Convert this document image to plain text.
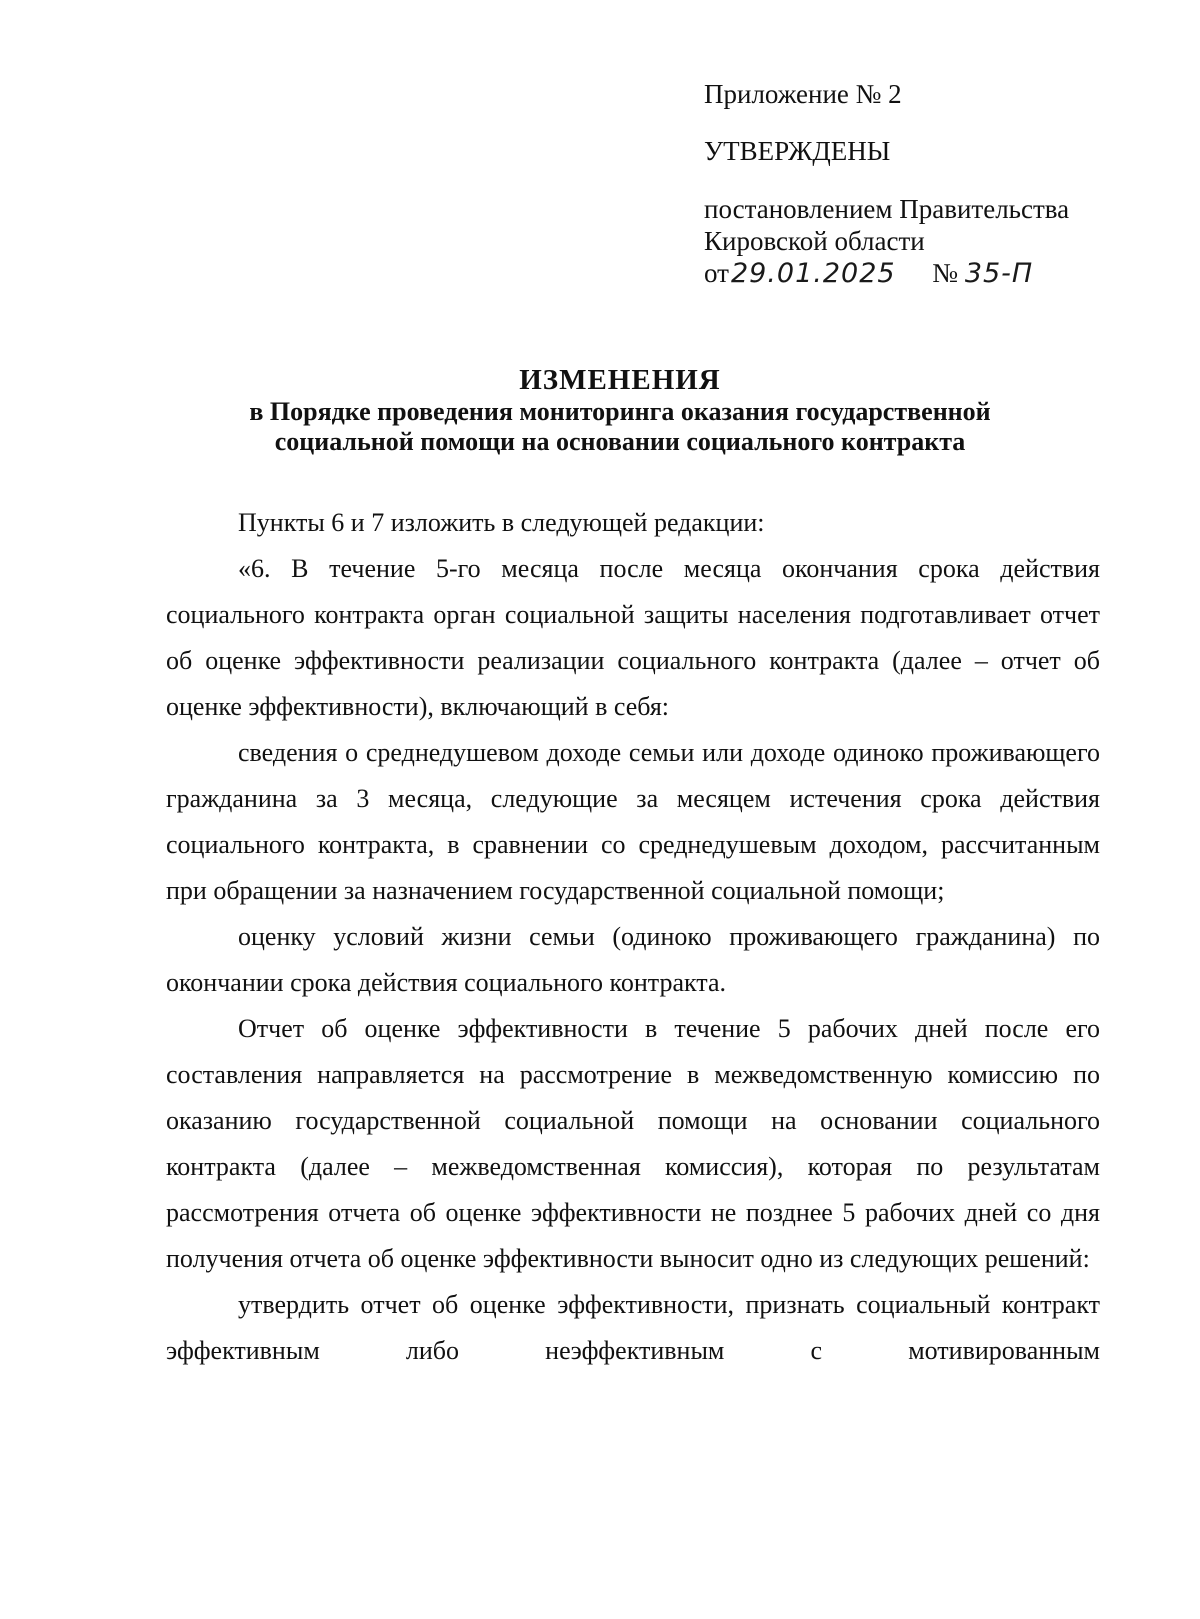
Приложение № 2
УТВЕРЖДЕНЫ
постановлением Правительства
Кировской области
от29.01.2025 № 35-П
ИЗМЕНЕНИЯ
в Порядке проведения мониторинга оказания государственной
социальной помощи на основании социального контракта

Пункты 6 и 7 изложить в следующей редакции:

«6. В течение 5-го месяца после месяца окончания срока действия социального контракта орган социальной защиты населения подготавливает отчет об оценке эффективности реализации социального контракта (далее – отчет об оценке эффективности), включающий в себя:

сведения о среднедушевом доходе семьи или доходе одиноко проживающего гражданина за 3 месяца, следующие за месяцем истечения срока действия социального контракта, в сравнении со среднедушевым доходом, рассчитанным при обращении за назначением государственной социальной помощи;

оценку условий жизни семьи (одиноко проживающего гражданина) по окончании срока действия социального контракта.

Отчет об оценке эффективности в течение 5 рабочих дней после его составления направляется на рассмотрение в межведомственную комиссию по оказанию государственной социальной помощи на основании социального контракта (далее – межведомственная комиссия), которая по результатам рассмотрения отчета об оценке эффективности не позднее 5 рабочих дней со дня получения отчета об оценке эффективности выносит одно из следующих решений:

утвердить отчет об оценке эффективности, признать социальный контракт эффективным либо неэффективным с мотивированным
